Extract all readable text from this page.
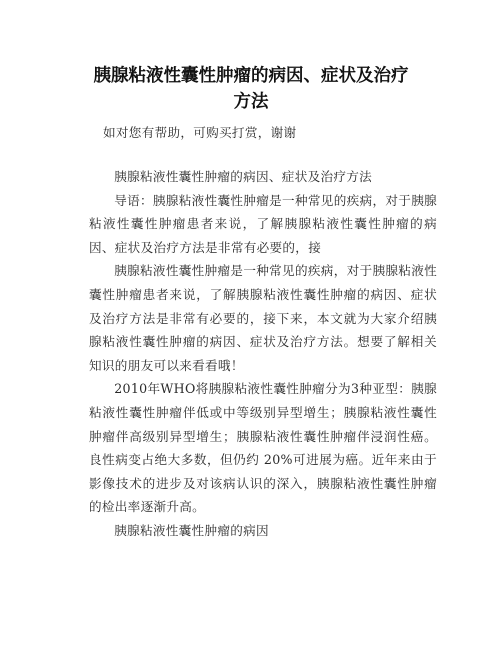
胰腺粘液性囊性肿瘤的病因、症状及治疗
方法
如对您有帮助，可购买打赏，谢谢

胰腺粘液性囊性肿瘤的病因、症状及治疗方法

导语：胰腺粘液性囊性肿瘤是一种常见的疾病，对于胰腺粘液性囊性肿瘤患者来说，了解胰腺粘液性囊性肿瘤的病因、症状及治疗方法是非常有必要的，接

胰腺粘液性囊性肿瘤是一种常见的疾病，对于胰腺粘液性囊性肿瘤患者来说，了解胰腺粘液性囊性肿瘤的病因、症状及治疗方法是非常有必要的，接下来，本文就为大家介绍胰腺粘液性囊性肿瘤的病因、症状及治疗方法。想要了解相关知识的朋友可以来看看哦！

2010年WHO将胰腺粘液性囊性肿瘤分为3种亚型：胰腺粘液性囊性肿瘤伴低或中等级别异型增生；胰腺粘液性囊性肿瘤伴高级别异型增生；胰腺粘液性囊性肿瘤伴浸润性癌。良性病变占绝大多数，但仍约 20%可进展为癌。近年来由于影像技术的进步及对该病认识的深入，胰腺粘液性囊性肿瘤的检出率逐渐升高。

胰腺粘液性囊性肿瘤的病因
